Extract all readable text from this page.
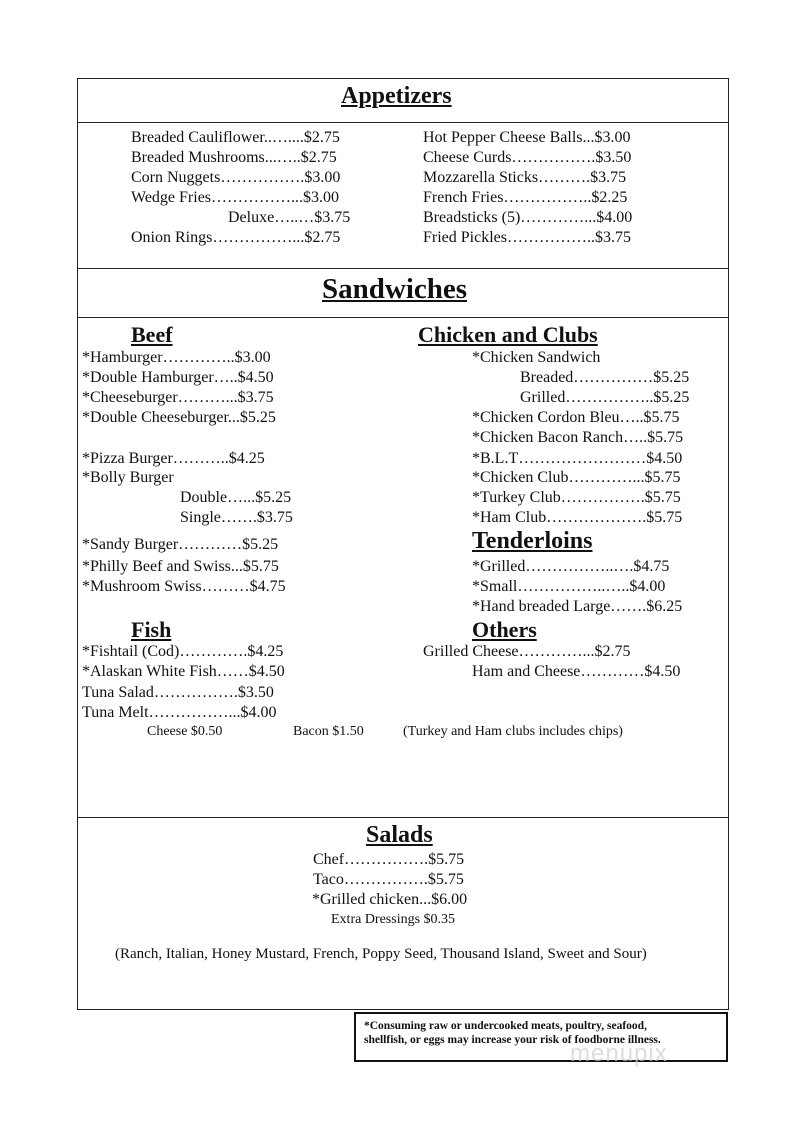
Appetizers
Breaded Cauliflower..…....$2.75
Breaded Mushrooms...…..$2.75
Corn Nuggets…………….$3.00
Wedge Fries……………...$3.00
Deluxe…..…$3.75
Onion Rings……………...$2.75
Hot Pepper Cheese Balls...$3.00
Cheese Curds…………….$3.50
Mozzarella Sticks……….$3.75
French Fries……………..$2.25
Breadsticks (5)…………...$4.00
Fried Pickles……………..$3.75
Sandwiches
Beef
*Hamburger…………..$3.00
*Double Hamburger…..$4.50
*Cheeseburger………...$3.75
*Double Cheeseburger...$5.25
*Pizza Burger………..$4.25
*Bolly Burger
Double…...$5.25
Single…….$3.75
*Sandy Burger…………$5.25
*Philly Beef and Swiss...$5.75
*Mushroom Swiss………$4.75
Fish
*Fishtail (Cod)………….$4.25
*Alaskan White Fish……$4.50
Tuna Salad…………….$3.50
Tuna Melt……………...$4.00
Cheese $0.50	Bacon $1.50	(Turkey and Ham clubs includes chips)
Chicken and Clubs
*Chicken Sandwich
Breaded……………$5.25
Grilled……………..$5.25
*Chicken Cordon Bleu…..$5.75
*Chicken Bacon Ranch…..$5.75
*B.L.T……………………$4.50
*Chicken Club…………...$5.75
*Turkey Club…………….$5.75
*Ham Club……………….$5.75
Tenderloins
*Grilled……………..….$4.75
*Small……………..…..$4.00
*Hand breaded Large…….$6.25
Others
Grilled Cheese…………...$2.75
Ham and Cheese…………$4.50
Salads
Chef…………….$5.75
Taco…………….$5.75
*Grilled chicken...$6.00
Extra Dressings $0.35
(Ranch, Italian, Honey Mustard, French, Poppy Seed, Thousand Island, Sweet and Sour)
*Consuming raw or undercooked meats, poultry, seafood,
shellfish, or eggs may increase your risk of foodborne illness.
menupix
